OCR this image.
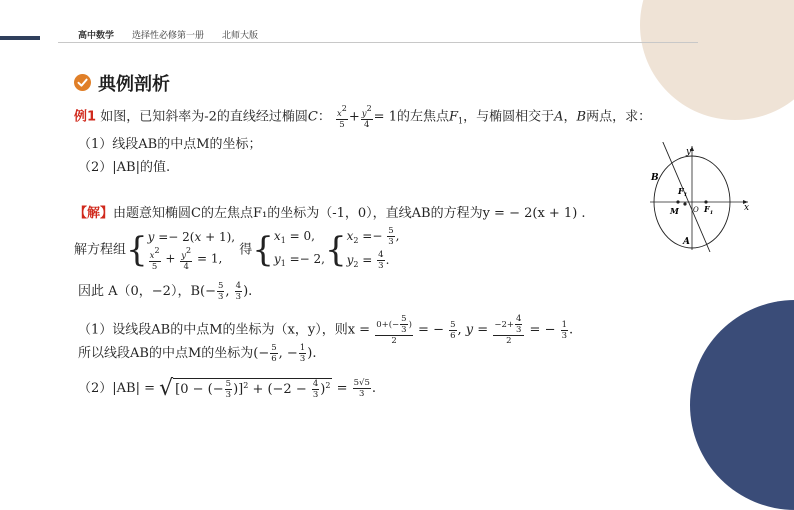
高中数学 选择性必修第一册 北师大版
典例剖析
例1 如图，已知斜率为-2的直线经过椭圆C： $\frac{x2}{5} + \frac{y2}{4} = 1$的左焦点$F_1$，与椭圆相交于A，B两点，求：
（1）线段AB的中点M的坐标；
（2）|AB|的值.
【解】由题意知椭圆C的左焦点F₁的坐标为（-1，0），直线AB的方程为y = − 2(x + 1) .
解方程组{ y =− 2(x + 1),
$\frac{x2}{5} + \frac{y2}{4} = 1$,
得{ $x_1 = 0$,
$y_1 =- 2$, { $x_2 =- \frac{5}{3}$ ,
$y_2 = \frac{4}{3}$ .
因此 A（0，−2），$B(- \frac{5}{3}$ , $\frac{4}{3}$ ).
（1）设线段AB的中点M的坐标为（x，y），则$x = \frac{0+(- \frac{5}{3} )}{2}$ = − $\frac{5}{6}$ , $y = \frac{-2+ \frac{4}{3}}{2}$ = − $\frac{1}{3}$ .
所以线段AB的中点M的坐标为(− $\frac{5}{6}$ , − $\frac{1}{3}$ ).
（2）|AB| = √ [0 − (− $\frac{5}{3} )]^2 + (-2 - \frac{4}{3} )^2 = \frac{5√5}{3}$ .
y
x
B
A
$F_1$
$F_1$
M O
